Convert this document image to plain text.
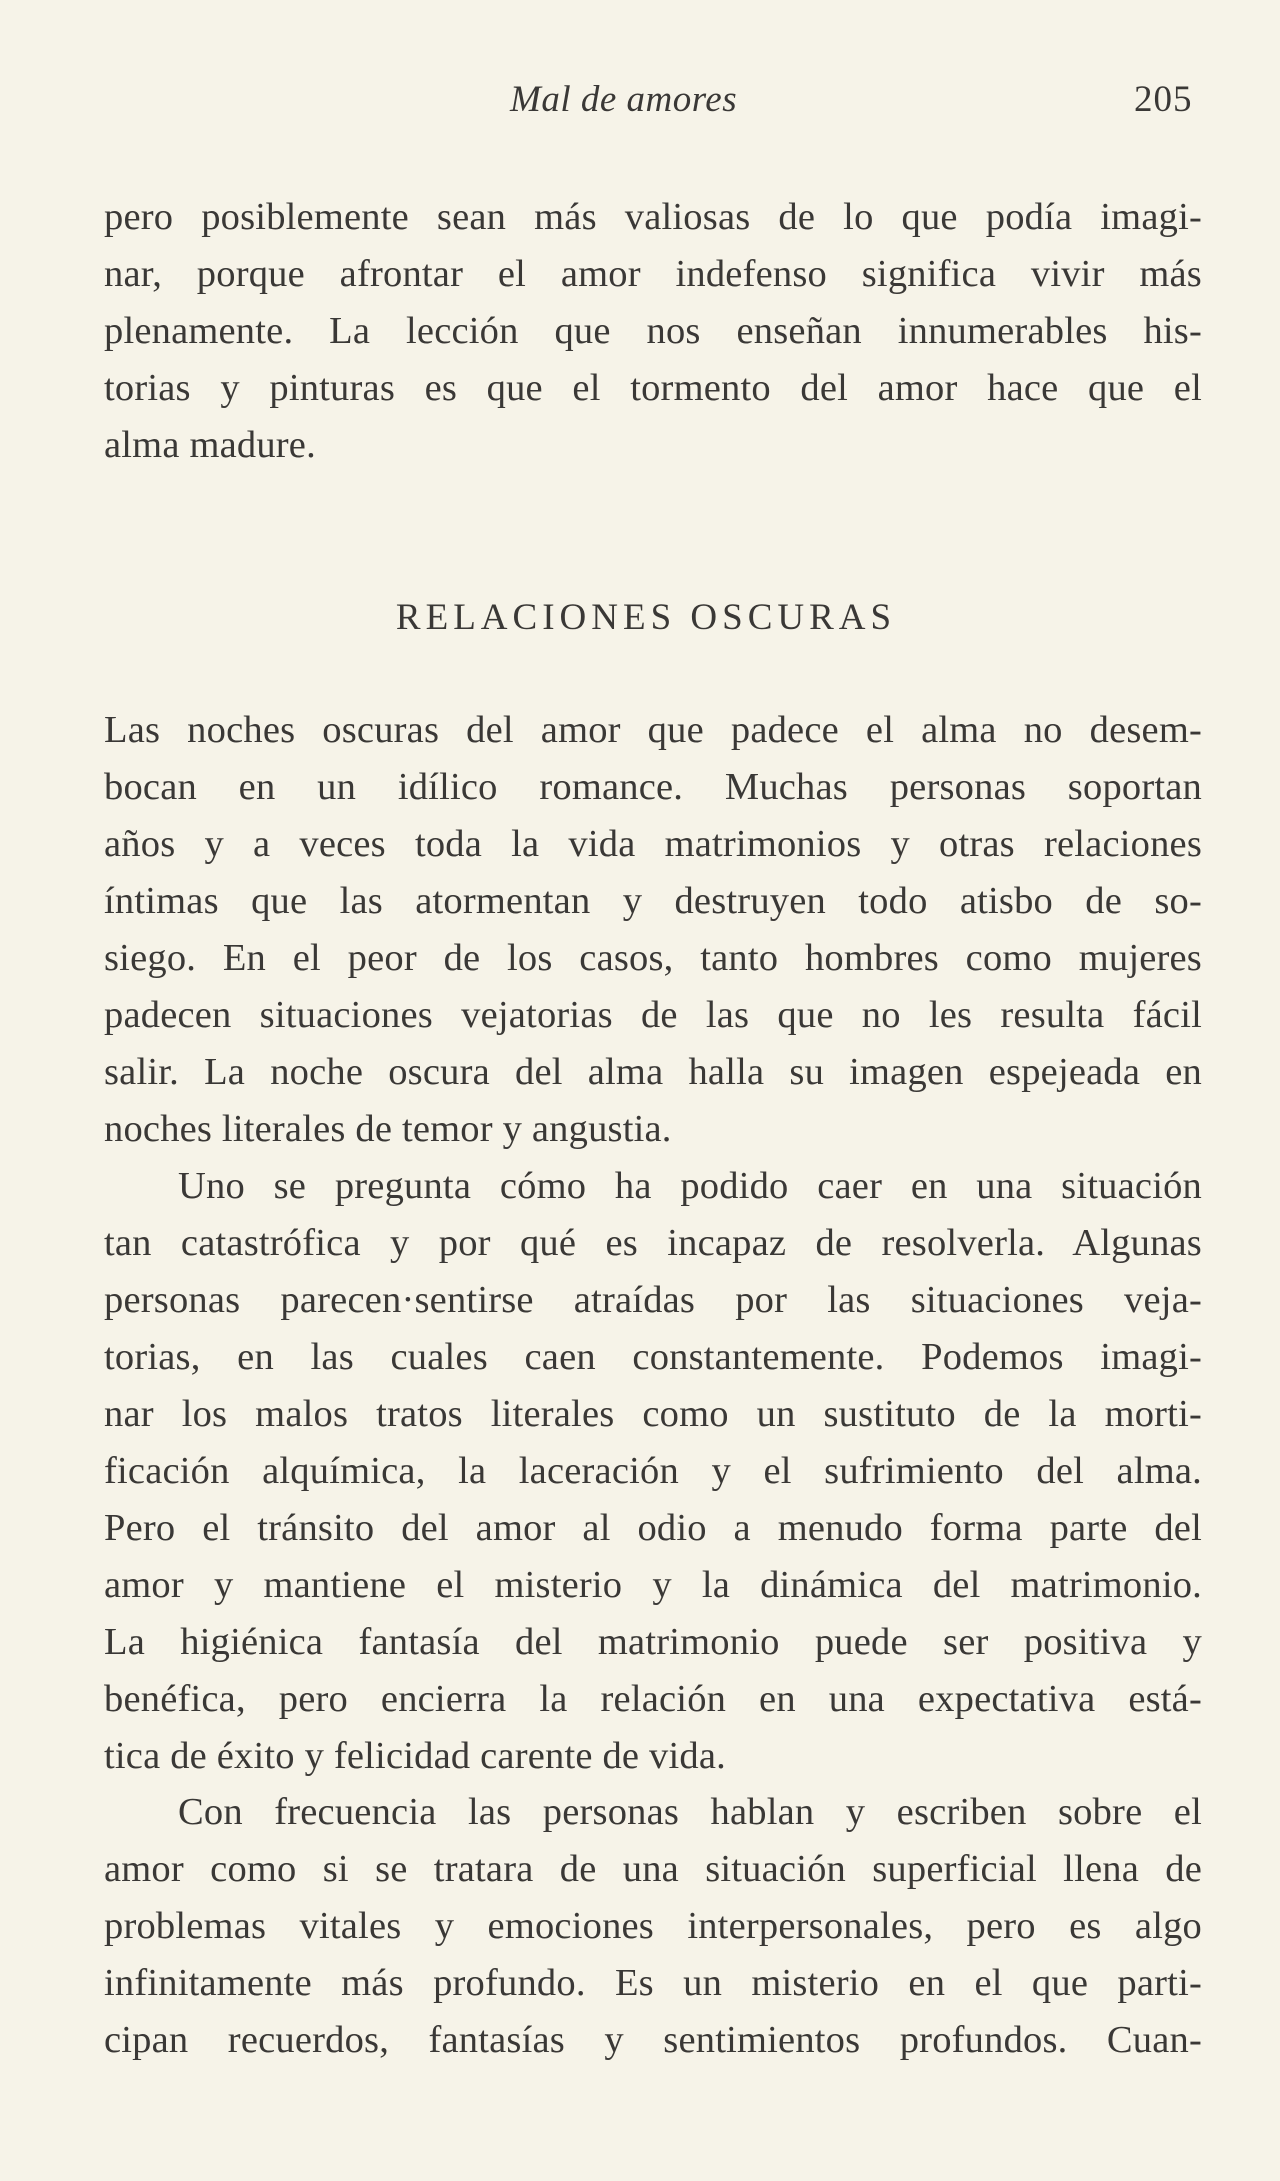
Mal de amores	205
pero posiblemente sean más valiosas de lo que podía imagi-
nar, porque afrontar el amor indefenso significa vivir más
plenamente. La lección que nos enseñan innumerables his-
torias y pinturas es que el tormento del amor hace que el
alma madure.
RELACIONES OSCURAS
Las noches oscuras del amor que padece el alma no desem-
bocan en un idílico romance. Muchas personas soportan
años y a veces toda la vida matrimonios y otras relaciones
íntimas que las atormentan y destruyen todo atisbo de so-
siego. En el peor de los casos, tanto hombres como mujeres
padecen situaciones vejatorias de las que no les resulta fácil
salir. La noche oscura del alma halla su imagen espejeada en
noches literales de temor y angustia.
Uno se pregunta cómo ha podido caer en una situación
tan catastrófica y por qué es incapaz de resolverla. Algunas
personas parecen·sentirse atraídas por las situaciones veja-
torias, en las cuales caen constantemente. Podemos imagi-
nar los malos tratos literales como un sustituto de la morti-
ficación alquímica, la laceración y el sufrimiento del alma.
Pero el tránsito del amor al odio a menudo forma parte del
amor y mantiene el misterio y la dinámica del matrimonio.
La higiénica fantasía del matrimonio puede ser positiva y
benéfica, pero encierra la relación en una expectativa está-
tica de éxito y felicidad carente de vida.
Con frecuencia las personas hablan y escriben sobre el
amor como si se tratara de una situación superficial llena de
problemas vitales y emociones interpersonales, pero es algo
infinitamente más profundo. Es un misterio en el que parti-
cipan recuerdos, fantasías y sentimientos profundos. Cuan-
